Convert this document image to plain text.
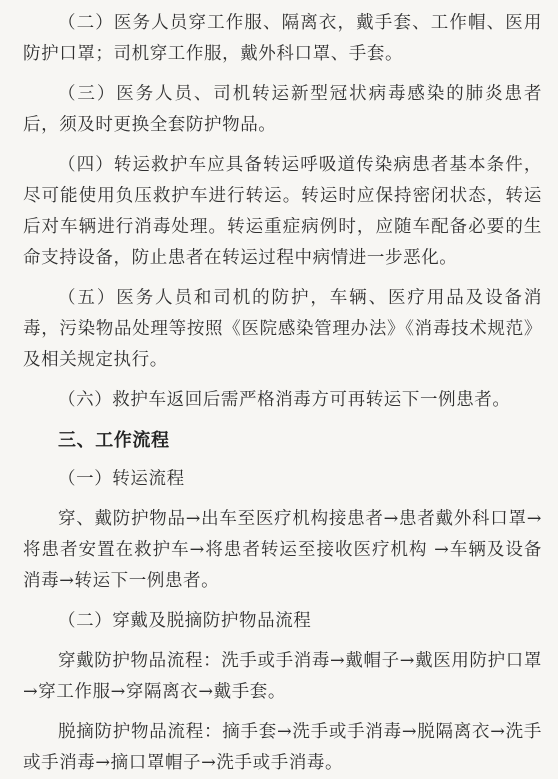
（二）医务人员穿工作服、隔离衣，戴手套、工作帽、医用防护口罩；司机穿工作服，戴外科口罩、手套。

（三）医务人员、司机转运新型冠状病毒感染的肺炎患者后，须及时更换全套防护物品。

（四）转运救护车应具备转运呼吸道传染病患者基本条件，尽可能使用负压救护车进行转运。转运时应保持密闭状态，转运后对车辆进行消毒处理。转运重症病例时，应随车配备必要的生命支持设备，防止患者在转运过程中病情进一步恶化。

（五）医务人员和司机的防护，车辆、医疗用品及设备消毒，污染物品处理等按照《医院感染管理办法》《消毒技术规范》及相关规定执行。

（六）救护车返回后需严格消毒方可再转运下一例患者。

三、工作流程

（一）转运流程

穿、戴防护物品→出车至医疗机构接患者→患者戴外科口罩→将患者安置在救护车→将患者转运至接收医疗机构 →车辆及设备消毒→转运下一例患者。

（二）穿戴及脱摘防护物品流程

穿戴防护物品流程：洗手或手消毒→戴帽子→戴医用防护口罩→穿工作服→穿隔离衣→戴手套。

脱摘防护物品流程：摘手套→洗手或手消毒→脱隔离衣→洗手或手消毒→摘口罩帽子→洗手或手消毒。
